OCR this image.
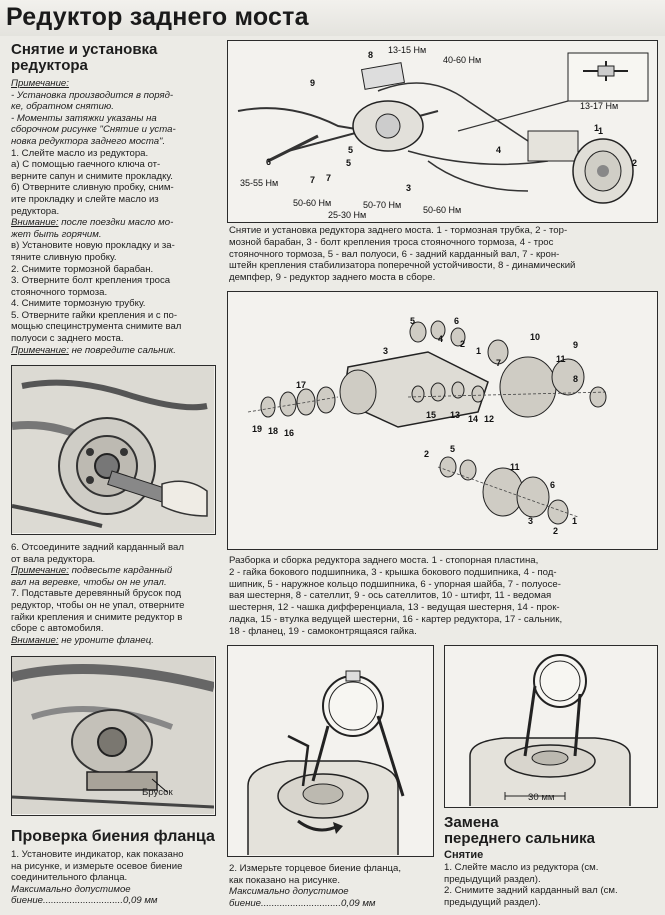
Редуктор заднего моста
Снятие и установка
редуктора
Примечание:
- Установка производится в поряд-
ке, обратном снятию.
- Моменты затяжки указаны на
сборочном рисунке "Снятие и уста-
новка редуктора заднего моста".
1. Слейте масло из редуктора.
а) С помощью гаечного ключа от-
верните сапун и снимите прокладку.
б) Отверните сливную пробку, сним-
ите прокладку и слейте масло из
редуктора.
Внимание: после поездки масло мо-
жет быть горячим.
в) Установите новую прокладку и за-
тяните сливную пробку.
2. Снимите тормозной барабан.
3. Отверните болт крепления троса
стояночного тормоза.
4. Снимите тормозную трубку.
5. Отверните гайки крепления и с по-
мощью специнструмента снимите вал
полуоси с заднего моста.
Примечание: не повредите сальник.
6. Отсоедините задний карданный вал
от вала редуктора.
Примечание: подвесьте карданный
вал на веревке, чтобы он не упал.
7. Подставьте деревянный брусок под
редуктор, чтобы он не упал, отверните
гайки крепления и снимите редуктор в
сборе с автомобиля.
Внимание: не уроните фланец.
Брусок
Проверка биения фланца
1. Установите индикатор, как показано
на рисунке, и измерьте осевое биение
соединительного фланца.
Максимально допустимое
биение..............................0,09 мм
13-15 Нм
40-60 Нм
35-55 Нм
50-60 Нм
25-30 Нм
50-70 Нм 50-60 Нм
13-17 Нм
1
2
3
4
5
6
7
8
9
1
5
7
Снятие и установка редуктора заднего моста. 1 - тормозная трубка, 2 - тор-
мозной барабан, 3 - болт крепления троса стояночного тормоза, 4 - трос
стояночного тормоза, 5 - вал полуоси, 6 - задний карданный вал, 7 - крон-
штейн крепления стабилизатора поперечной устойчивости, 8 - динамический
демпфер, 9 - редуктор заднего моста в сборе.
5	6
4 2
1
3
10
9
7	11
8
17
19 18 16
15	14
13	12
2 5
11
6
3
2
1
Разборка и сборка редуктора заднего моста. 1 - стопорная пластина,
2 - гайка бокового подшипника, 3 - крышка бокового подшипника, 4 - под-
шипник, 5 - наружное кольцо подшипника, 6 - упорная шайба, 7 - полуосе-
вая шестерня, 8 - сателлит, 9 - ось сателлитов, 10 - штифт, 11 - ведомая
шестерня, 12 - чашка дифференциала, 13 - ведущая шестерня, 14 - прок-
ладка, 15 - втулка ведущей шестерни, 16 - картер редуктора, 17 - сальник,
18 - фланец, 19 - самоконтрящаяся гайка.
2. Измерьте торцевое биение фланца,
как показано на рисунке.
Максимально допустимое
биение..............................0,09 мм
30 мм
Замена
переднего сальника
Снятие
1. Слейте масло из редуктора (см.
предыдущий раздел).
2. Снимите задний карданный вал (см.
предыдущий раздел).
